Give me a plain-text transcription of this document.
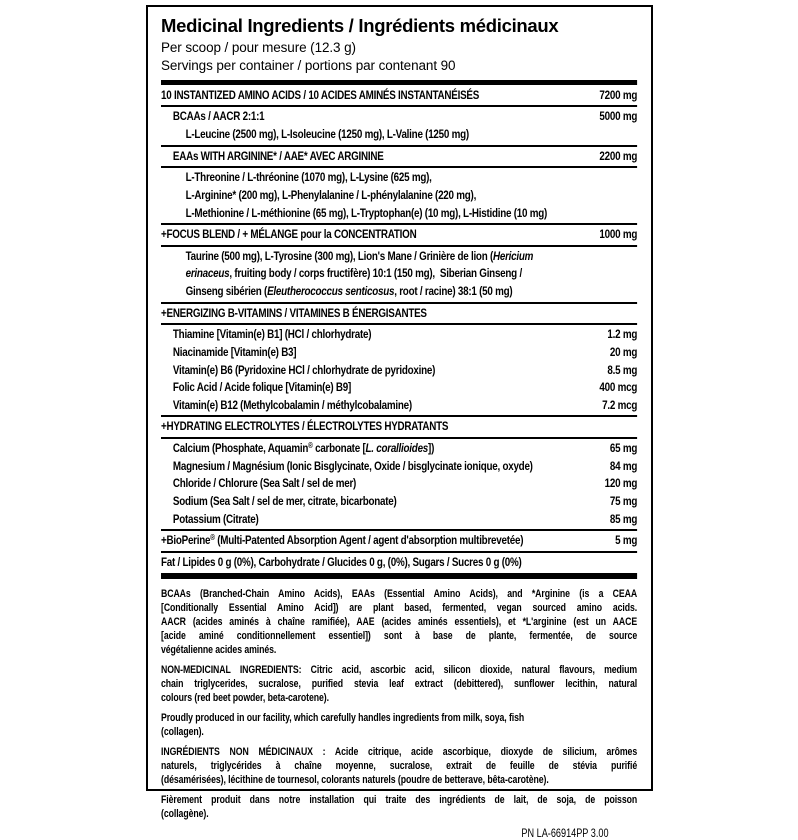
Medicinal Ingredients / Ingrédients médicinaux
Per scoop / pour mesure (12.3 g)
Servings per container / portions par contenant 90
10 INSTANTIZED AMINO ACIDS / 10 ACIDES AMINÉS INSTANTANÉISÉS	7200 mg
BCAAs / AACR 2:1:1	5000 mg
L-Leucine (2500 mg), L-Isoleucine (1250 mg), L-Valine (1250 mg)
EAAs WITH ARGININE* / AAE* AVEC ARGININE	2200 mg
L-Threonine / L-thréonine (1070 mg), L-Lysine (625 mg),
L-Arginine* (200 mg), L-Phenylalanine / L-phénylalanine (220 mg),
L-Methionine / L-méthionine (65 mg), L-Tryptophan(e) (10 mg), L-Histidine (10 mg)
+FOCUS BLEND / + MÉLANGE pour la CONCENTRATION	1000 mg
Taurine (500 mg), L-Tyrosine (300 mg), Lion's Mane / Grinière de lion (Hericium
erinaceus, fruiting body / corps fructifère) 10:1 (150 mg),  Siberian Ginseng /
Ginseng sibérien (Eleutherococcus senticosus, root / racine) 38:1 (50 mg)
+ENERGIZING B-VITAMINS / VITAMINES B ÉNERGISANTES
Thiamine [Vitamin(e) B1] (HCl / chlorhydrate)	1.2 mg
Niacinamide [Vitamin(e) B3]	20 mg
Vitamin(e) B6 (Pyridoxine HCl / chlorhydrate de pyridoxine)	8.5 mg
Folic Acid / Acide folique [Vitamin(e) B9]	400 mcg
Vitamin(e) B12 (Methylcobalamin / méthylcobalamine)	7.2 mcg
+HYDRATING ELECTROLYTES / ÉLECTROLYTES HYDRATANTS
Calcium (Phosphate, Aquamin® carbonate [L. corallioides])	65 mg
Magnesium / Magnésium (Ionic Bisglycinate, Oxide / bisglycinate ionique, oxyde)	84 mg
Chloride / Chlorure (Sea Salt / sel de mer)	120 mg
Sodium (Sea Salt / sel de mer, citrate, bicarbonate)	75 mg
Potassium (Citrate)	85 mg
+BioPerine® (Multi-Patented Absorption Agent / agent d'absorption multibrevetée)	5 mg
Fat / Lipides 0 g (0%), Carbohydrate / Glucides 0 g, (0%), Sugars / Sucres 0 g (0%)
BCAAs (Branched-Chain Amino Acids), EAAs (Essential Amino Acids), and *Arginine (is a CEAA
[Conditionally Essential Amino Acid]) are plant based, fermented, vegan sourced amino acids.
AACR (acides aminés à chaîne ramifiée), AAE (acides aminés essentiels), et *L'arginine (est un AACE
[acide aminé conditionnellement essentiel]) sont à base de plante, fermentée, de source
végétalienne acides aminés.
NON-MEDICINAL INGREDIENTS: Citric acid, ascorbic acid, silicon dioxide, natural flavours, medium
chain triglycerides, sucralose, purified stevia leaf extract (debittered), sunflower lecithin, natural
colours (red beet powder, beta-carotene).
Proudly produced in our facility, which carefully handles ingredients from milk, soya, fish
(collagen).
INGRÉDIENTS NON MÉDICINAUX : Acide citrique, acide ascorbique, dioxyde de silicium, arômes
naturels, triglycérides à chaîne moyenne, sucralose, extrait de feuille de stévia purifié
(désamérisées), lécithine de tournesol, colorants naturels (poudre de betterave, bêta-carotène).
Fièrement produit dans notre installation qui traite des ingrédients de lait, de soja, de poisson
(collagène).
PN LA-66914PP 3.00
